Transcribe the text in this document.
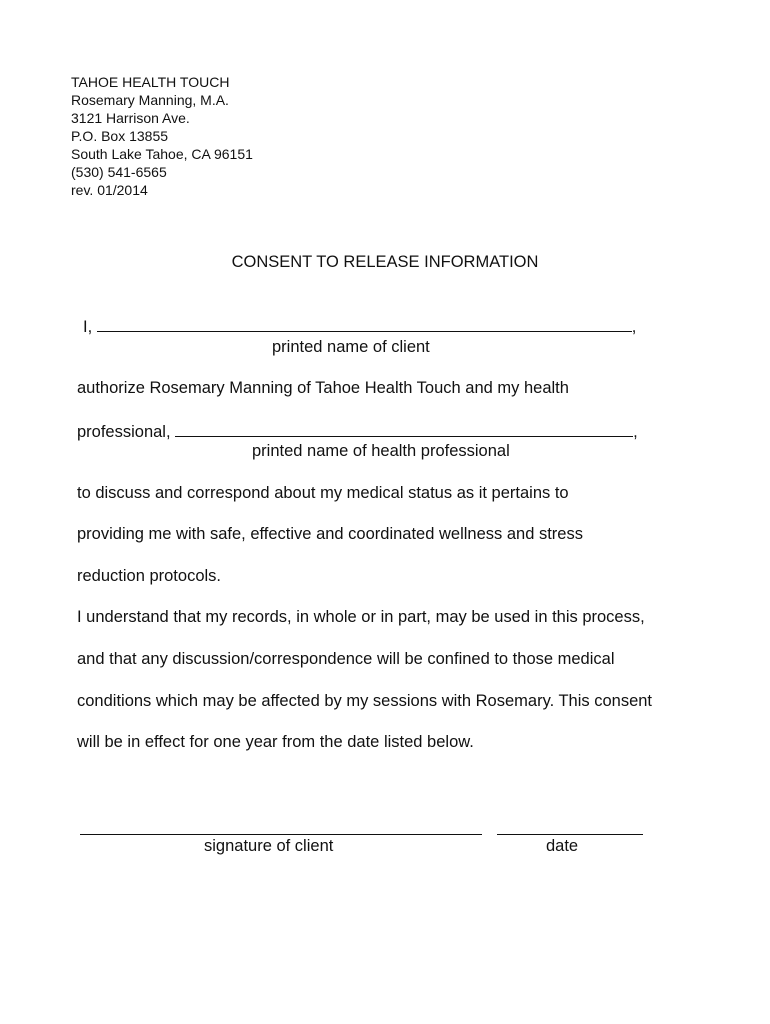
TAHOE HEALTH TOUCH
Rosemary Manning, M.A.
3121 Harrison Ave.
P.O. Box 13855
South Lake Tahoe, CA 96151
(530) 541-6565
rev. 01/2014
CONSENT TO RELEASE INFORMATION
I,	,
printed name of client
authorize Rosemary Manning of Tahoe Health Touch and my health
professional,	,
printed name of health professional
to discuss and correspond about my medical status as it pertains to
providing me with safe, effective and coordinated wellness and stress
reduction protocols.
I understand that my records, in whole or in part, may be used in this process,
and that any discussion/correspondence will be confined to those medical
conditions which may be affected by my sessions with Rosemary. This consent
will be in effect for one year from the date listed below.
signature of client	date
